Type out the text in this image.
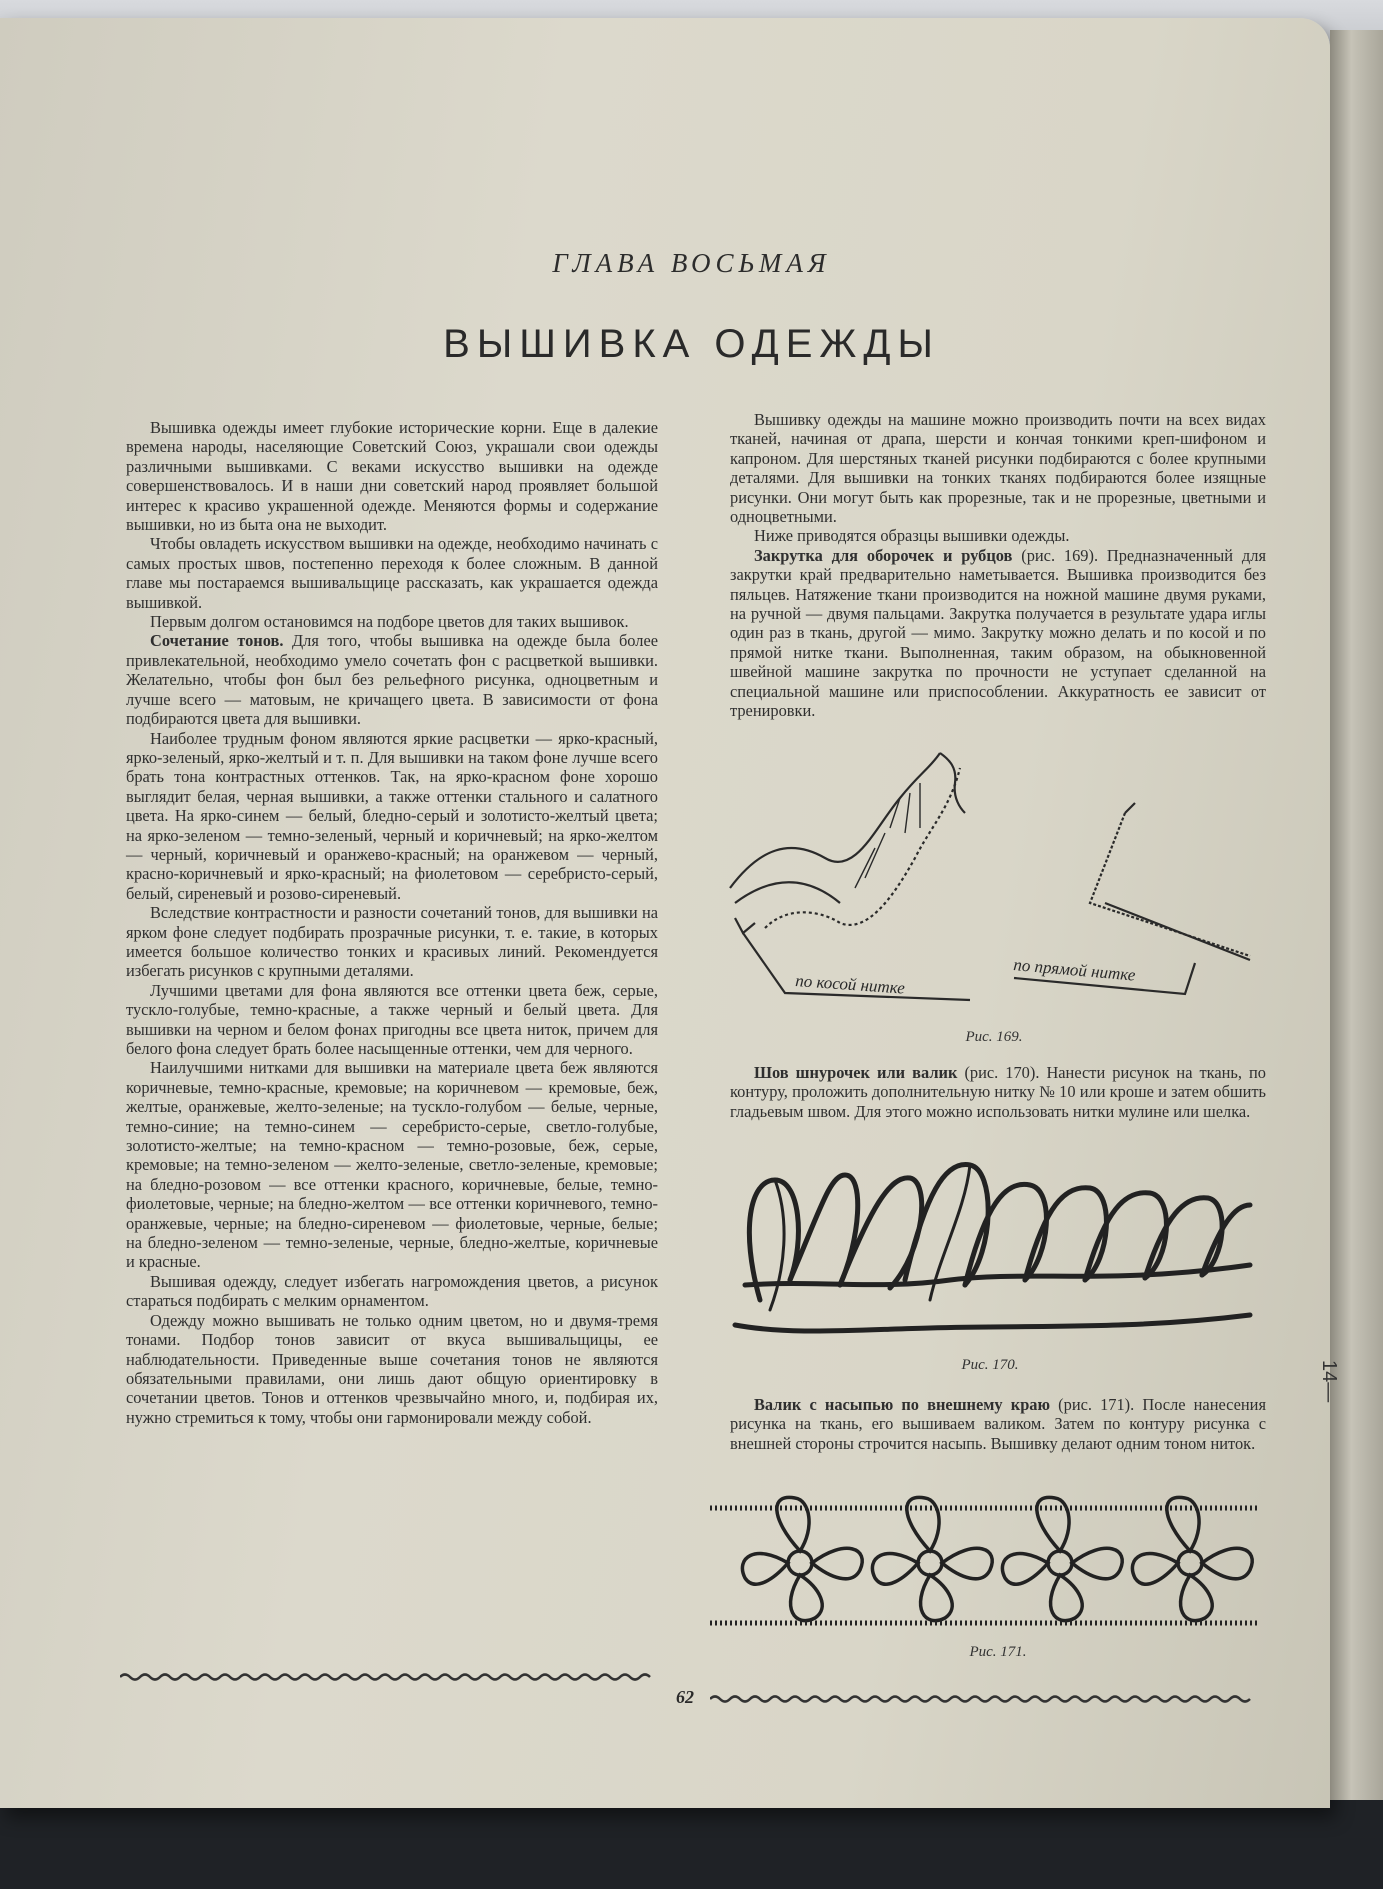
14—
ГЛАВА ВОСЬМАЯ
ВЫШИВКА ОДЕЖДЫ

Вышивка одежды имеет глубокие исторические корни. Еще в далекие времена народы, населяющие Советский Союз, украшали свои одежды различными вышивками. С веками искусство вышивки на одежде совершенствовалось. И в наши дни советский народ проявляет большой интерес к красиво украшенной одежде. Меняются формы и содержание вышивки, но из быта она не выходит.

Чтобы овладеть искусством вышивки на одежде, необходимо начинать с самых простых швов, постепенно переходя к более сложным. В данной главе мы постараемся вышивальщице рассказать, как украшается одежда вышивкой.

Первым долгом остановимся на подборе цветов для таких вышивок.

Сочетание тонов. Для того, чтобы вышивка на одежде была более привлекательной, необходимо умело сочетать фон с расцветкой вышивки. Желательно, чтобы фон был без рельефного рисунка, одноцветным и лучше всего — матовым, не кричащего цвета. В зависимости от фона подбираются цвета для вышивки.

Наиболее трудным фоном являются яркие расцветки — ярко-красный, ярко-зеленый, ярко-желтый и т. п. Для вышивки на таком фоне лучше всего брать тона контрастных оттенков. Так, на ярко-красном фоне хорошо выглядит белая, черная вышивки, а также оттенки стального и салатного цвета. На ярко-синем — белый, бледно-серый и золотисто-желтый цвета; на ярко-зеленом — темно-зеленый, черный и коричневый; на ярко-желтом — черный, коричневый и оранжево-красный; на оранжевом — черный, красно-коричневый и ярко-красный; на фиолетовом — серебристо-серый, белый, сиреневый и розово-сиреневый.

Вследствие контрастности и разности сочетаний тонов, для вышивки на ярком фоне следует подбирать прозрачные рисунки, т. е. такие, в которых имеется большое количество тонких и красивых линий. Рекомендуется избегать рисунков с крупными деталями.

Лучшими цветами для фона являются все оттенки цвета беж, серые, тускло-голубые, темно-красные, а также черный и белый цвета. Для вышивки на черном и белом фонах пригодны все цвета ниток, причем для белого фона следует брать более насыщенные оттенки, чем для черного.

Наилучшими нитками для вышивки на материале цвета беж являются коричневые, темно-красные, кремовые; на коричневом — кремовые, беж, желтые, оранжевые, желто-зеленые; на тускло-голубом — белые, черные, темно-синие; на темно-синем — серебристо-серые, светло-голубые, золотисто-желтые; на темно-красном — темно-розовые, беж, серые, кремовые; на темно-зеленом — желто-зеленые, светло-зеленые, кремовые; на бледно-розовом — все оттенки красного, коричневые, белые, темно-фиолетовые, черные; на бледно-желтом — все оттенки коричневого, темно-оранжевые, черные; на бледно-сиреневом — фиолетовые, черные, белые; на бледно-зеленом — темно-зеленые, черные, бледно-желтые, коричневые и красные.

Вышивая одежду, следует избегать нагромождения цветов, а рисунок стараться подбирать с мелким орнаментом.

Одежду можно вышивать не только одним цветом, но и двумя-тремя тонами. Подбор тонов зависит от вкуса вышивальщицы, ее наблюдательности. Приведенные выше сочетания тонов не являются обязательными правилами, они лишь дают общую ориентировку в сочетании цветов. Тонов и оттенков чрезвычайно много, и, подбирая их, нужно стремиться к тому, чтобы они гармонировали между собой.

Вышивку одежды на машине можно производить почти на всех видах тканей, начиная от драпа, шерсти и кончая тонкими креп-шифоном и капроном. Для шерстяных тканей рисунки подбираются с более крупными деталями. Для вышивки на тонких тканях подбираются более изящные рисунки. Они могут быть как прорезные, так и не прорезные, цветными и одноцветными.

Ниже приводятся образцы вышивки одежды.

Закрутка для оборочек и рубцов (рис. 169). Предназначенный для закрутки край предварительно наметывается. Вышивка производится без пяльцев. Натяжение ткани производится на ножной машине двумя руками, на ручной — двумя пальцами. Закрутка получается в результате удара иглы один раз в ткань, другой — мимо. Закрутку можно делать и по косой и по прямой нитке ткани. Выполненная, таким образом, на обыкновенной швейной машине закрутка по прочности не уступает сделанной на специальной машине или приспособлении. Аккуратность ее зависит от тренировки.

по косой нитке	по прямой нитке
Рис. 169.

Шов шнурочек или валик (рис. 170). Нанести рисунок на ткань, по контуру, проложить дополнительную нитку № 10 или крошe и затем обшить гладьевым швом. Для этого можно использовать нитки мулине или шелка.

Рис. 170.

Валик с насыпью по внешнему краю (рис. 171). После нанесения рисунка на ткань, его вышиваем валиком. Затем по контуру рисунка с внешней стороны строчится насыпь. Вышивку делают одним тоном ниток.

Рис. 171.
62
